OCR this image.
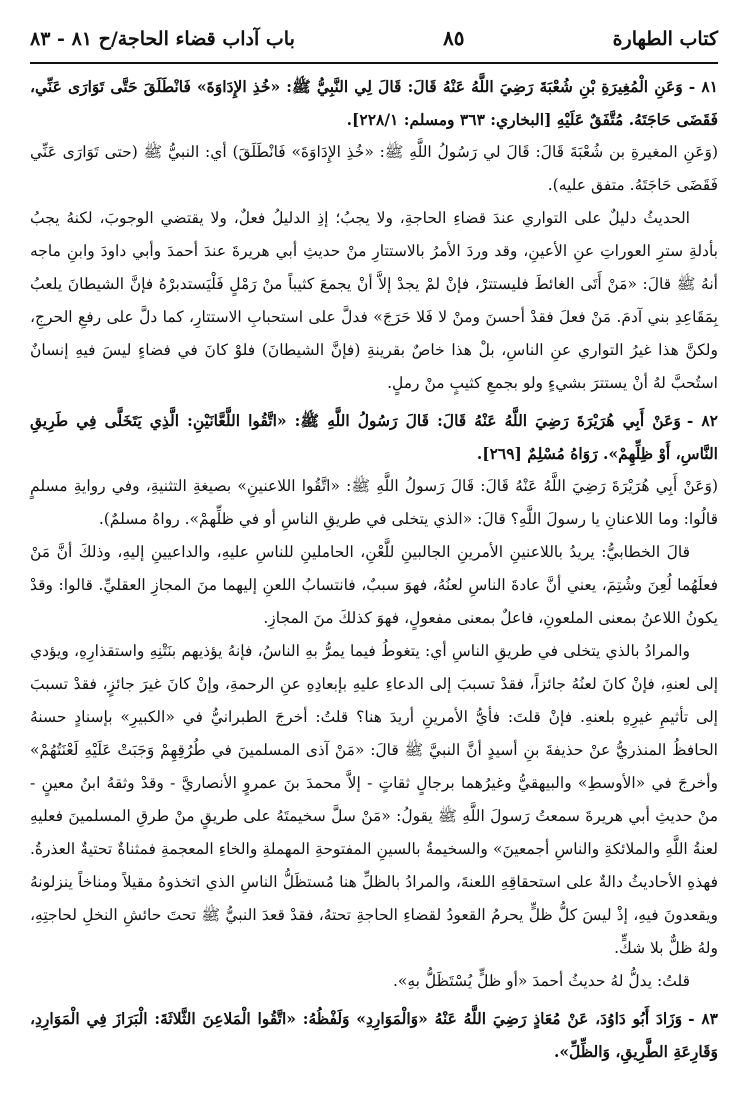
كتاب الطهارة
٨٥
باب آداب قضاء الحاجة/ح ٨١ - ٨٣

٨١ -وَعَنِ الْمُغِيرَةِ بْنِ شُعْبَةَ رَضِيَ اللَّهُ عَنْهُ قَالَ: قَالَ لِي النَّبِيُّ ﷺ: «خُذِ الإِدَاوَةَ» فَانْطَلَقَ حَتَّى تَوَارَى عَنِّي، فَقَضَى حَاجَتَهُ. مُتَّفَقٌ عَلَيْهِ [البخاري: ٣٦٣ ومسلم: ٢٢٨/١].

(وَعَنِ المغيرةِ بن شُعْبَةَ قَالَ: قَالَ لي رَسُولُ اللَّهِ ﷺ: «خُذِ الإِدَاوَةَ» فَانْطَلَقَ) أي: النبيُّ ﷺ (حتى تَوَارَى عَنِّي فَقَضَى حَاجَتَهُ. متفق عليه).

الحديثُ دليلٌ على التواري عندَ قضاءِ الحاجةِ، ولا يجبُ؛ إذِ الدليلُ فعلٌ، ولا يقتضي الوجوبَ، لكنهُ يجبُ بأدلةِ سترِ العوراتِ عنِ الأعينِ، وقد وردَ الأمرُ بالاستتارِ منْ حديثِ أبي هريرةَ عندَ أحمدَ وأبي داودَ وابنِ ماجه أنهُ ﷺ قالَ: «مَنْ أَتَى الغائطَ فليستترْ، فإنْ لمْ يجدْ إلاَّ أنْ يجمعَ كثيباً منْ رَمْلٍ فَلْيَستدبرْهُ فإنَّ الشيطانَ يلعبُ بِمَقَاعِدِ بني آدمَ. مَنْ فعلَ فقدْ أحسنَ ومنْ لا فَلا حَرَجَ» فدلَّ على استحبابِ الاستتارِ، كما دلَّ على رفعِ الحرجِ، ولكنَّ هذا غيرُ التواري عنِ الناسِ، بلْ هذا خاصٌ بقرينةِ (فإنَّ الشيطانَ) فلوْ كانَ في فضاءٍ ليسَ فيهِ إنسانٌ استُحبَّ لهُ أنْ يستترَ بشيءٍ ولو بجمعِ كثيبٍ منْ رملٍ.

٨٢ -وَعَنْ أَبِي هُرَيْرَةَ رَضِيَ اللَّهُ عَنْهُ قَالَ: قَالَ رَسُولُ اللَّهِ ﷺ: «اتَّقُوا اللَّعَّانَيْنِ: الَّذِي يَتَخَلَّى فِي طَرِيقِ النَّاسِ، أَوْ ظِلِّهِمْ». رَوَاهُ مُسْلِمٌ [٢٦٩].

(وَعَنْ أَبِي هُرَيْرَةَ رَضِيَ اللَّهُ عَنْهُ قَالَ: قَالَ رَسولُ اللَّهِ ﷺ: «اتَّقُوا اللاعنينِ» بصيغةِ التثنيةِ، وفي روايةِ مسلمٍ قالُوا: وما اللاعنانِ يا رسولَ اللَّهِ؟ قالَ: «الذي يتخلى في طريقِ الناسِ أو في ظلِّهمْ». رواهُ مسلمٌ).

قالَ الخطابيُّ: يريدُ باللاعنينِ الأمرينِ الجالبينِ للَّعْنِ، الحاملينِ للناسِ عليهِ، والداعيينِ إليهِ، وذلكَ أنَّ مَنْ فعلَهُما لُعِنَ وشُتِمَ، يعني أنَّ عادةَ الناسِ لعنُهُ، فهوَ سببٌ، فانتسابُ اللعنِ إليهما منَ المجازِ العقليِّ. قالوا: وقدْ يكونُ اللاعنُ بمعنى الملعونِ، فاعلٌ بمعنى مفعولٍ، فهوَ كذلكَ منَ المجازِ.

والمرادُ بالذي يتخلى في طريقِ الناسِ أي: يتغوطُ فيما يمرُّ بهِ الناسُ، فإنهُ يؤذيهم بنَتْنِهِ واستقذارِهِ، ويؤدي إلى لعنهِ، فإنْ كانَ لعنُهُ جائزاً، فقدْ تسببَ إلى الدعاءِ عليهِ بإبعادِهِ عنِ الرحمةِ، وإنْ كانَ غيرَ جائزٍ، فقدْ تسببَ إلى تأثيمِ غيرِهِ بلعنهِ. فإنْ قلتَ: فأيُّ الأمرينِ أريدَ هنا؟ قلتُ: أخرجَ الطبرانيُّ في «الكبيرِ» بإسنادٍ حسنهُ الحافظُ المنذريُّ عنْ حذيفةَ بنِ أسيدٍ أنَّ النبيَّ ﷺ قالَ: «مَنْ آذى المسلمينَ في طُرُقِهِمْ وَجَبَتْ عَلَيْهِ لَعْنَتُهُمْ» وأخرجَ في «الأوسطِ» والبيهقيُّ وغيرُهما برجالٍ ثقاتٍ - إلاَّ محمدَ بنَ عمروٍ الأنصاريَّ - وقدْ وثقهُ ابنُ معينٍ - منْ حديثِ أبي هريرةَ سمعتُ رَسولَ اللَّهِ ﷺ يقولُ: «مَنْ سلَّ سخيمتَهُ على طريقٍ منْ طرقِ المسلمينَ فعليهِ لعنةُ اللَّهِ والملائكةِ والناسِ أجمعينَ» والسخيمةُ بالسينِ المفتوحةِ المهملةِ والخاءِ المعجمةِ فمثناةٌ تحتيةٌ العذرةُ. فهذهِ الأحاديثُ دالةٌ على استحقاقِهِ اللعنةَ، والمرادُ بالظلِّ هنا مُستظَلُّ الناسِ الذي اتخذوهُ مقيلاً ومناخاً ينزلونهُ ويقعدونَ فيهِ، إذْ ليسَ كلُّ ظلٍّ يحرمُ القعودُ لقضاءِ الحاجةِ تحتهُ، فقدْ قعدَ النبيُّ ﷺ تحتَ حائشِ النخلِ لحاجتِهِ، ولهُ ظلٌّ بلا شكٍّ.

قلتُ: يدلُّ لهُ حديثُ أحمدَ «أو ظلٍّ يُسْتَظَلُّ بهِ».

٨٣ -وَزَادَ أَبُو دَاوُدَ، عَنْ مُعَاذٍ رَضِيَ اللَّهُ عَنْهُ «وَالْمَوَارِدِ» وَلَفْظُهُ: «اتَّقُوا الْمَلاعِنَ الثَّلاثَةَ: الْبَرَازَ فِي الْمَوَارِدِ، وَقَارِعَةِ الطَّرِيقِ، وَالظِّلِّ».
